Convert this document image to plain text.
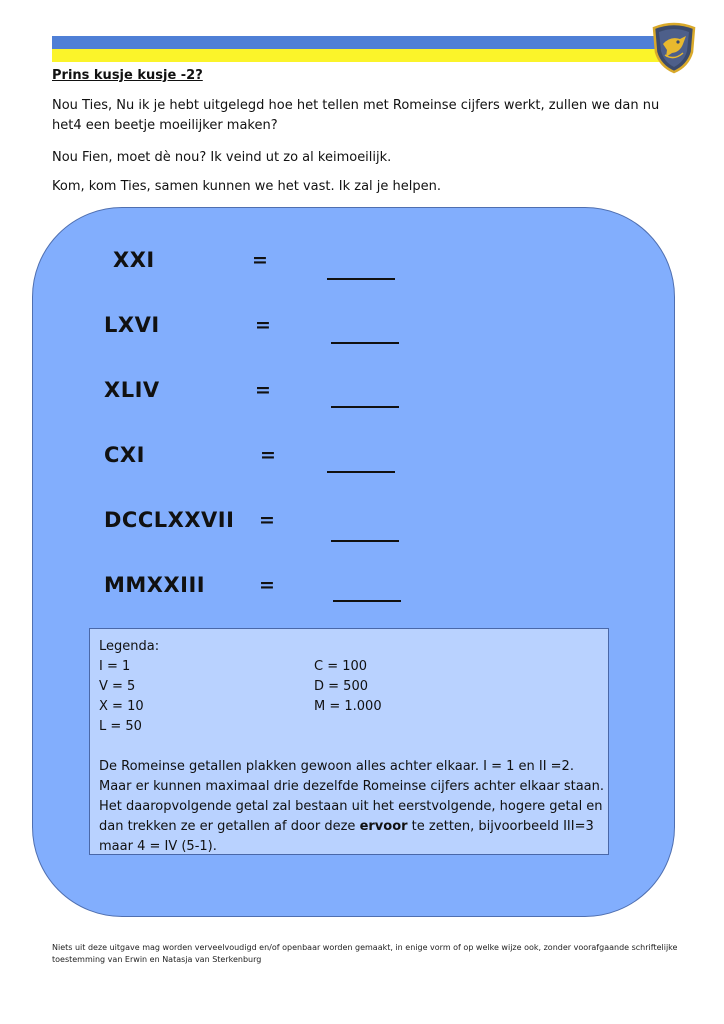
Prins kusje kusje -2?
Nou Ties, Nu ik je hebt uitgelegd hoe het tellen met Romeinse cijfers werkt, zullen we dan nu het4 een beetje moeilijker maken?
Nou Fien, moet dè nou? Ik veind ut zo al keimoeilijk.
Kom, kom Ties, samen kunnen we het vast. Ik zal je helpen.
XXI	=
LXVI	=
XLIV	=
CXI	=
DCCLXXVII =
MMXXIII	=
Legenda:
I = 1
V = 5
X = 10
L = 50
C = 100
D = 500
M = 1.000
De Romeinse getallen plakken gewoon alles achter elkaar. I = 1 en II =2.
Maar er kunnen maximaal drie dezelfde Romeinse cijfers achter elkaar staan.
Het daaropvolgende getal zal bestaan uit het eerstvolgende, hogere getal en
dan trekken ze er getallen af door deze ervoor te zetten, bijvoorbeeld III=3
maar 4 = IV (5-1).
Niets uit deze uitgave mag worden verveelvoudigd en/of openbaar worden gemaakt, in enige vorm of op welke wijze ook, zonder voorafgaande schriftelijke toestemming van Erwin en Natasja van Sterkenburg
